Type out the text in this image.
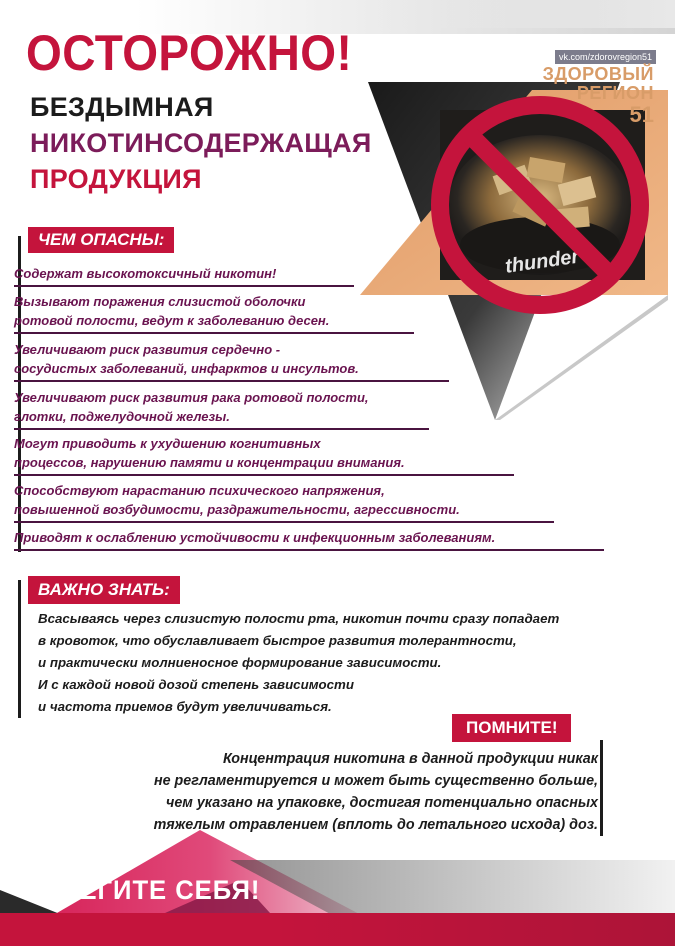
thunder
ОСТОРОЖНО!
БЕЗДЫМНАЯ
НИКОТИНСОДЕРЖАЩАЯ
ПРОДУКЦИЯ
vk.com/zdorovregion51
ЗДОРОВЫЙ
РЕГИОН
51
ЧЕМ ОПАСНЫ:
Содержат высокотоксичный никотин!
Вызывают поражения слизистой оболочки
ротовой полости, ведут к заболеванию десен.
Увеличивают риск развития сердечно -
сосудистых заболеваний, инфарктов и инсультов.
Увеличивают риск развития рака ротовой полости,
глотки, поджелудочной железы.
Могут приводить к ухудшению когнитивных
процессов, нарушению памяти и концентрации внимания.
Способствуют нарастанию психического напряжения,
повышенной возбудимости, раздражительности, агрессивности.
Приводят к ослаблению устойчивости к инфекционным заболеваниям.
ВАЖНО ЗНАТЬ:
Всасываясь через слизистую полости рта, никотин почти сразу попадает
в кровоток, что обуславливает быстрое развития толерантности,
и практически молниеносное формирование зависимости.
И с каждой новой дозой степень зависимости
и частота приемов будут увеличиваться.
ПОМНИТЕ!
Концентрация никотина в данной продукции никак
не регламентируется и может быть существенно больше,
чем указано на упаковке, достигая потенциально опасных
тяжелым отравлением (вплоть до летального исхода) доз.
БЕРЕГИТЕ СЕБЯ!
